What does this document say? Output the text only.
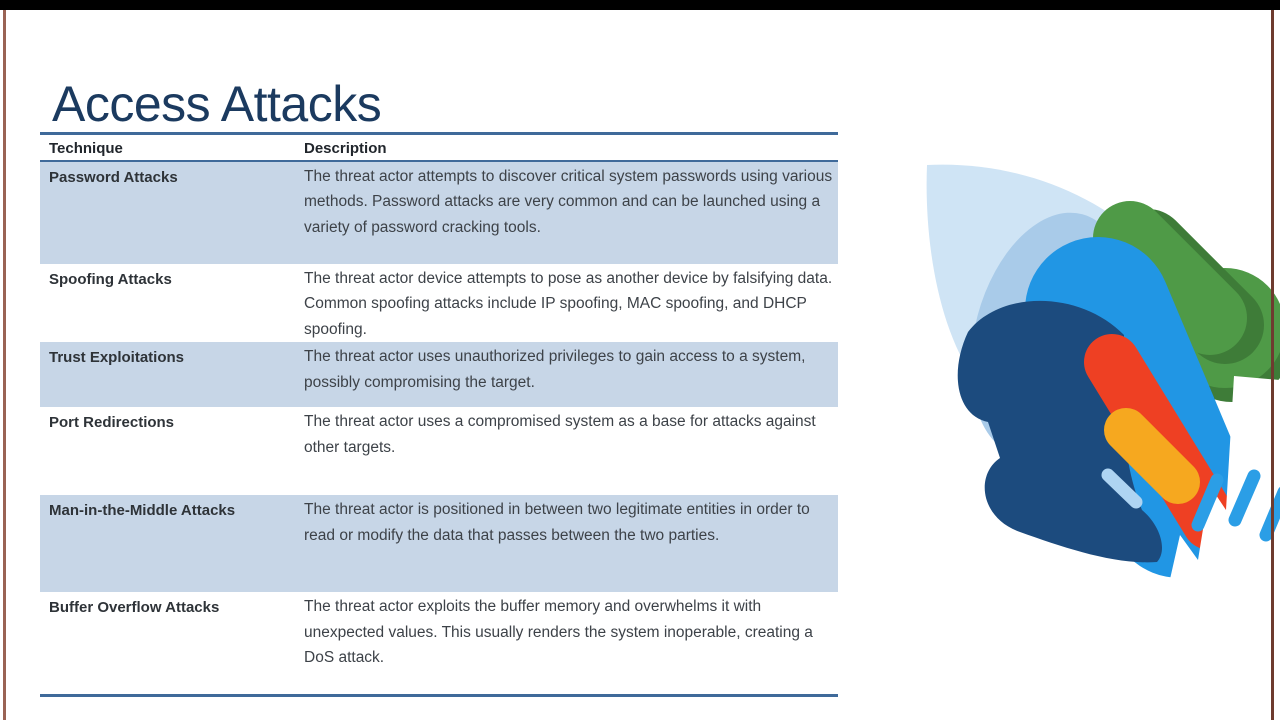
Access Attacks
Technique	Description
Password Attacks	The threat actor attempts to discover critical system passwords using various methods. Password attacks are very common and can be launched using a variety of password cracking tools.
Spoofing Attacks	The threat actor device attempts to pose as another device by falsifying data. Common spoofing attacks include IP spoofing, MAC spoofing, and DHCP spoofing.
Trust Exploitations	The threat actor uses unauthorized privileges to gain access to a system, possibly compromising the target.
Port Redirections	The threat actor uses a compromised system as a base for attacks against other targets.
Man-in-the-Middle Attacks	The threat actor is positioned in between two legitimate entities in order to read or modify the data that passes between the two parties.
Buffer Overflow Attacks	The threat actor exploits the buffer memory and overwhelms it with unexpected values. This usually renders the system inoperable, creating a DoS attack.
